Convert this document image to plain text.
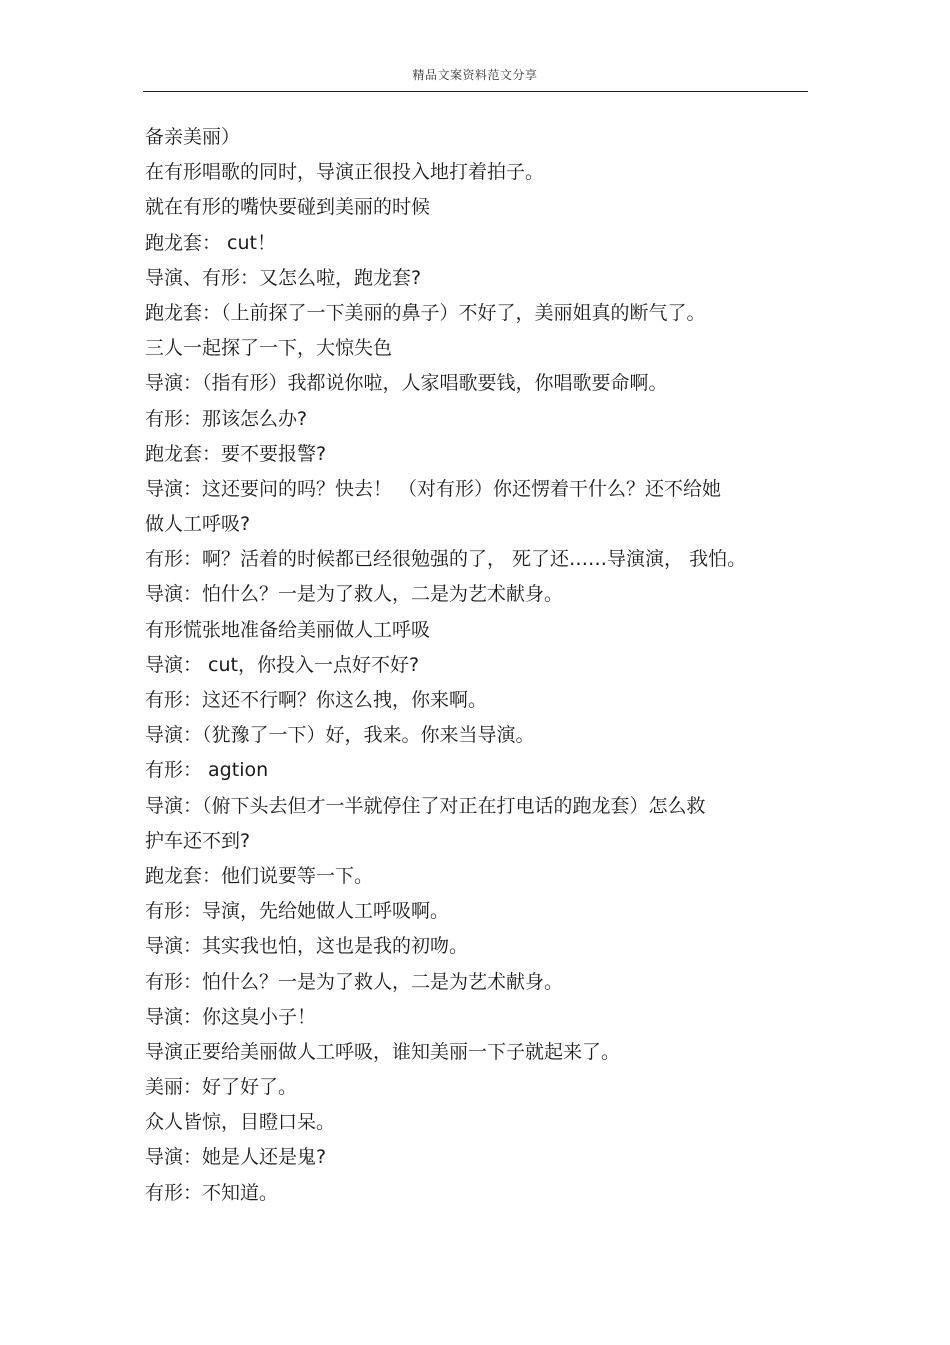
精品文案资料范文分享
备亲美丽）
在有形唱歌的同时，导演正很投入地打着拍子。
就在有形的嘴快要碰到美丽的时候
跑龙套： cut！
导演、有形：又怎么啦，跑龙套?
跑龙套：（上前探了一下美丽的鼻子）不好了，美丽姐真的断气了。
三人一起探了一下，大惊失色
导演：（指有形）我都说你啦，人家唱歌要钱，你唱歌要命啊。
有形：那该怎么办?
跑龙套：要不要报警?
导演：这还要问的吗？快去！ （对有形）你还愣着干什么？还不给她
做人工呼吸?
有形：啊？活着的时候都已经很勉强的了， 死了还……导演演， 我怕。
导演：怕什么？一是为了救人，二是为艺术献身。
有形慌张地准备给美丽做人工呼吸
导演： cut，你投入一点好不好?
有形：这还不行啊？你这么拽，你来啊。
导演：（犹豫了一下）好，我来。你来当导演。
有形： agtion
导演：（俯下头去但才一半就停住了对正在打电话的跑龙套）怎么救
护车还不到?
跑龙套：他们说要等一下。
有形：导演，先给她做人工呼吸啊。
导演：其实我也怕，这也是我的初吻。
有形：怕什么？一是为了救人，二是为艺术献身。
导演：你这臭小子！
导演正要给美丽做人工呼吸，谁知美丽一下子就起来了。
美丽：好了好了。
众人皆惊，目瞪口呆。
导演：她是人还是鬼?
有形：不知道。
